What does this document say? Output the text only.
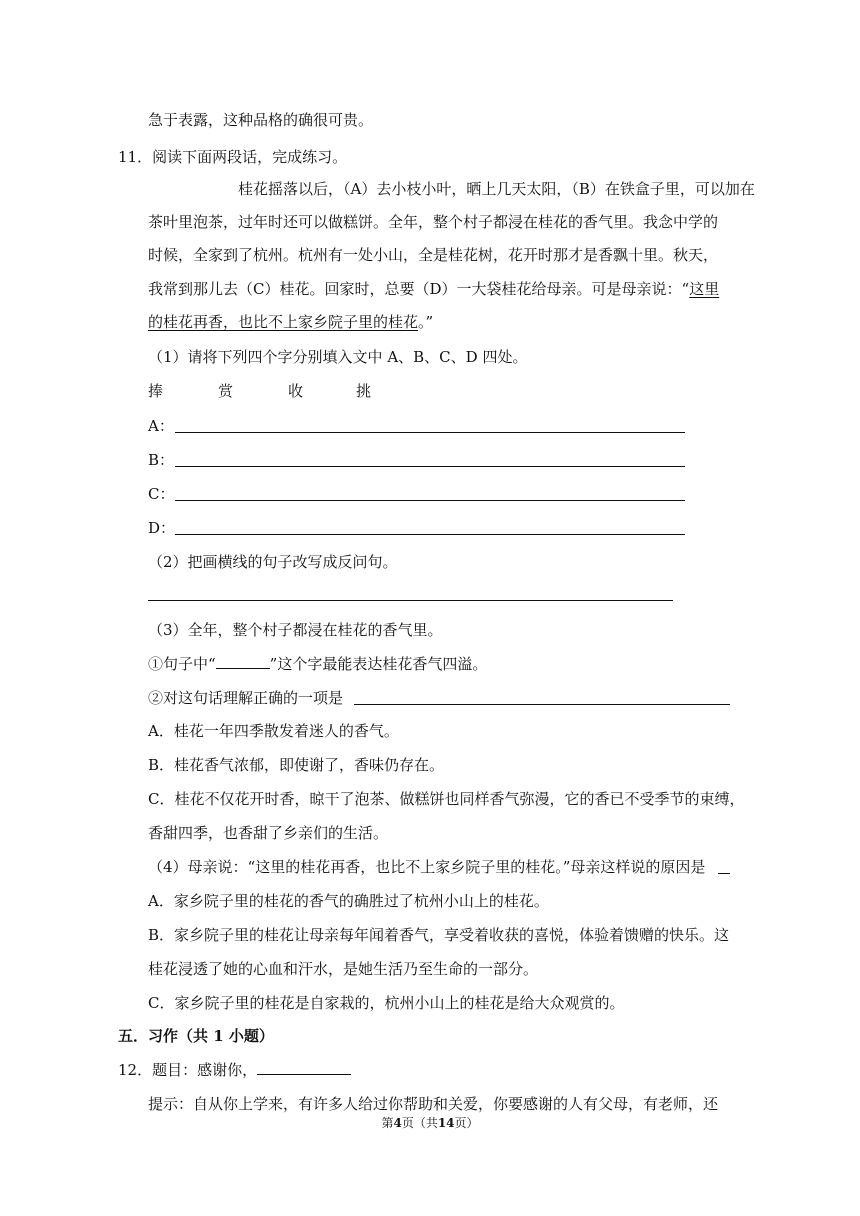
急于表露，这种品格的确很可贵。
11．阅读下面两段话，完成练习。
桂花摇落以后，（A）去小枝小叶，晒上几天太阳，（B）在铁盒子里，可以加在
茶叶里泡茶，过年时还可以做糕饼。全年，整个村子都浸在桂花的香气里。我念中学的
时候，全家到了杭州。杭州有一处小山，全是桂花树，花开时那才是香飘十里。秋天，
我常到那儿去（C）桂花。回家时，总要（D）一大袋桂花给母亲。可是母亲说：“这里
的桂花再香，也比不上家乡院子里的桂花。”
（1）请将下列四个字分别填入文中 A、B、C、D 四处。
捧	赏	收	挑
A：
B：
C：
D：
（2）把画横线的句子改写成反问句。
（3）全年，整个村子都浸在桂花的香气里。
①句子中“	”这个字最能表达桂花香气四溢。
②对这句话理解正确的一项是
A．桂花一年四季散发着迷人的香气。
B．桂花香气浓郁，即使谢了，香味仍存在。
C．桂花不仅花开时香，晾干了泡茶、做糕饼也同样香气弥漫，它的香已不受季节的束缚，
香甜四季，也香甜了乡亲们的生活。
（4）母亲说：“这里的桂花再香，也比不上家乡院子里的桂花。”母亲这样说的原因是
A．家乡院子里的桂花的香气的确胜过了杭州小山上的桂花。
B．家乡院子里的桂花让母亲每年闻着香气，享受着收获的喜悦，体验着馈赠的快乐。这
桂花浸透了她的心血和汗水，是她生活乃至生命的一部分。
C．家乡院子里的桂花是自家栽的，杭州小山上的桂花是给大众观赏的。
五．习作（共 1 小题）
12．题目：感谢你，
提示：自从你上学来，有许多人给过你帮助和关爱，你要感谢的人有父母，有老师，还
第4页（共14页）
